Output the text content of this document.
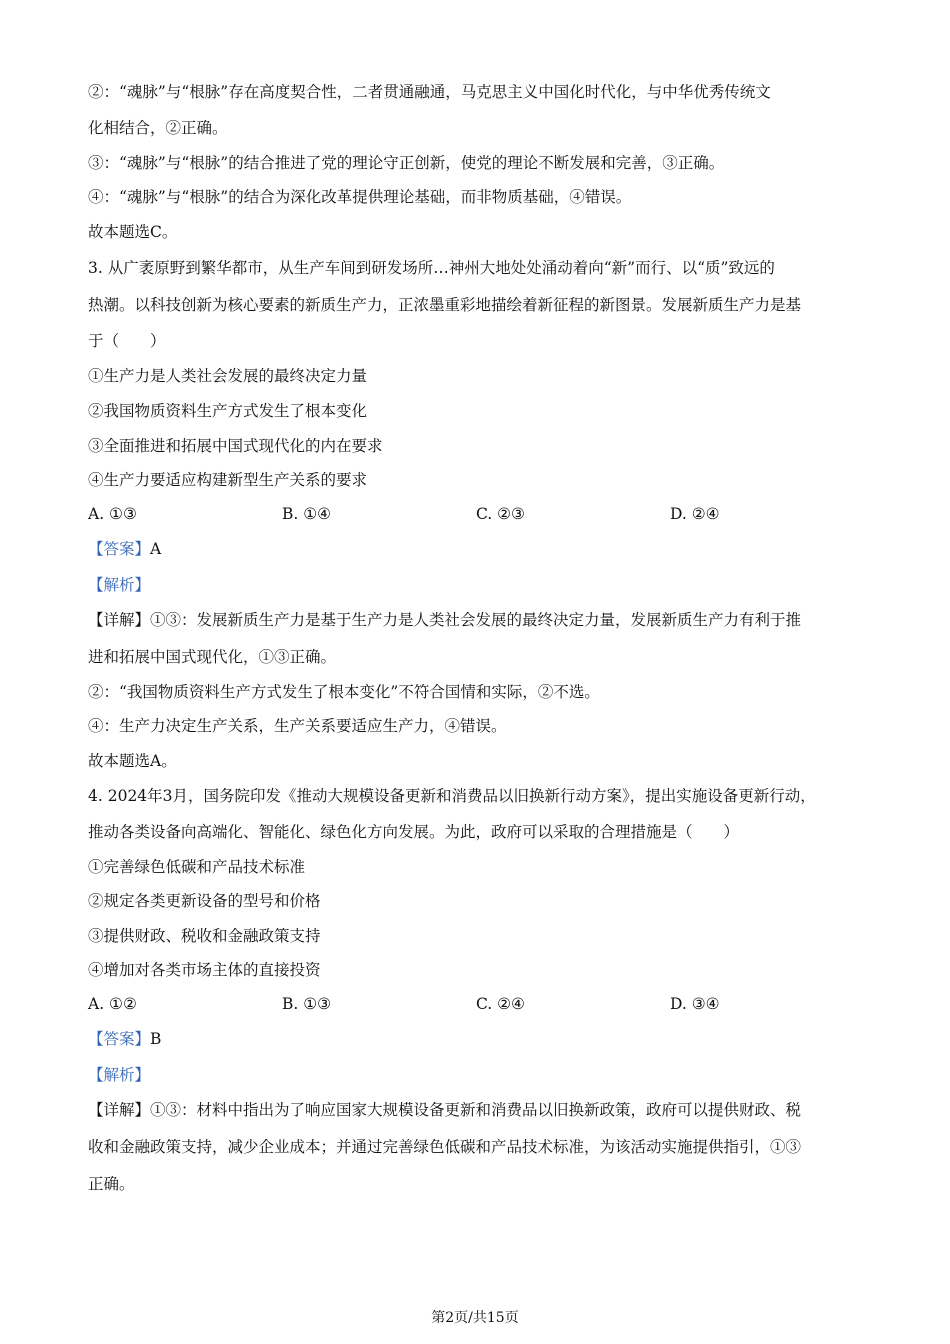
②：“魂脉”与“根脉”存在高度契合性，二者贯通融通，马克思主义中国化时代化，与中华优秀传统文
化相结合，②正确。
③：“魂脉”与“根脉”的结合推进了党的理论守正创新，使党的理论不断发展和完善，③正确。
④：“魂脉”与“根脉”的结合为深化改革提供理论基础，而非物质基础，④错误。
故本题选C。
3. 从广袤原野到繁华都市，从生产车间到研发场所…神州大地处处涌动着向“新”而行、以“质”致远的
热潮。以科技创新为核心要素的新质生产力，正浓墨重彩地描绘着新征程的新图景。发展新质生产力是基
于（　　）
①生产力是人类社会发展的最终决定力量
②我国物质资料生产方式发生了根本变化
③全面推进和拓展中国式现代化的内在要求
④生产力要适应构建新型生产关系的要求
A. ①③	B. ①④	C. ②③	D. ②④
【答案】A
【解析】
【详解】①③：发展新质生产力是基于生产力是人类社会发展的最终决定力量，发展新质生产力有利于推
进和拓展中国式现代化，①③正确。
②：“我国物质资料生产方式发生了根本变化”不符合国情和实际，②不选。
④：生产力决定生产关系，生产关系要适应生产力，④错误。
故本题选A。
4. 2024年3月，国务院印发《推动大规模设备更新和消费品以旧换新行动方案》，提出实施设备更新行动，
推动各类设备向高端化、智能化、绿色化方向发展。为此，政府可以采取的合理措施是（　　）
①完善绿色低碳和产品技术标准
②规定各类更新设备的型号和价格
③提供财政、税收和金融政策支持
④增加对各类市场主体的直接投资
A. ①②	B. ①③	C. ②④	D. ③④
【答案】B
【解析】
【详解】①③：材料中指出为了响应国家大规模设备更新和消费品以旧换新政策，政府可以提供财政、税
收和金融政策支持，减少企业成本；并通过完善绿色低碳和产品技术标准，为该活动实施提供指引，①③
正确。
第2页/共15页
